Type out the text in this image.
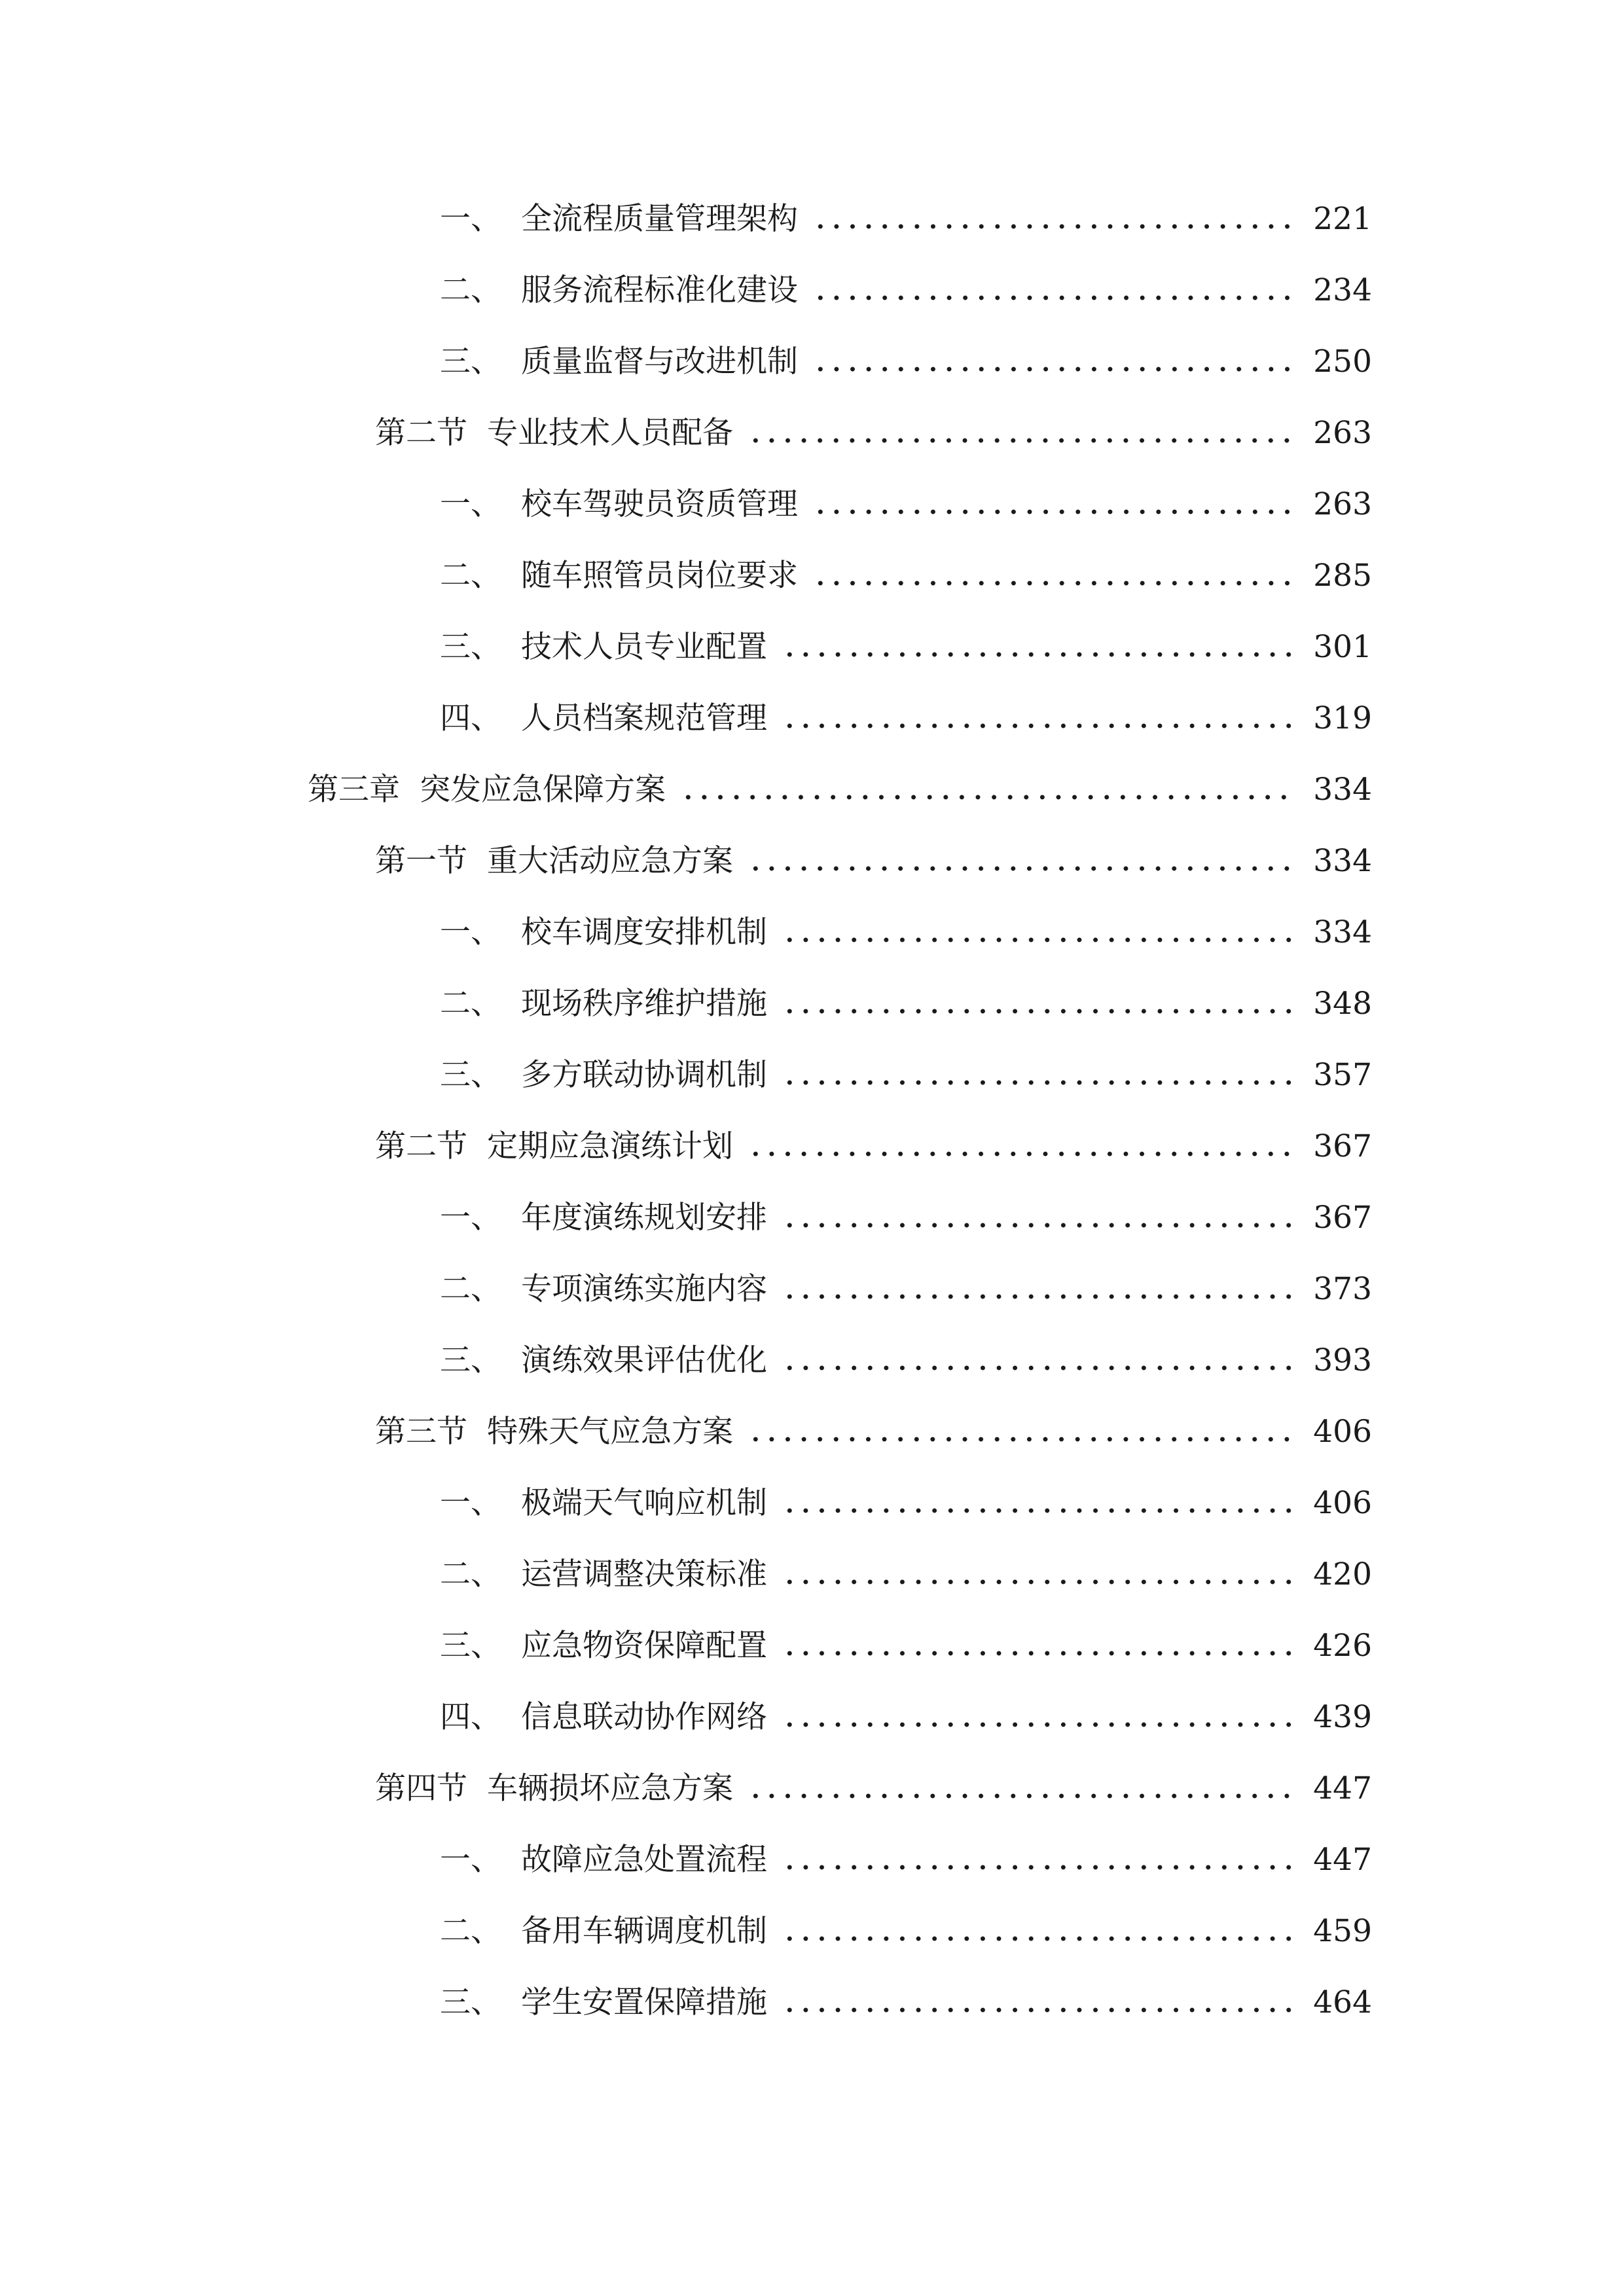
一、 全流程质量管理架构	221
二、 服务流程标准化建设	234
三、 质量监督与改进机制	250
第二节 专业技术人员配备	263
一、 校车驾驶员资质管理	263
二、 随车照管员岗位要求	285
三、 技术人员专业配置	301
四、 人员档案规范管理	319
第三章 突发应急保障方案	334
第一节 重大活动应急方案	334
一、 校车调度安排机制	334
二、 现场秩序维护措施	348
三、 多方联动协调机制	357
第二节 定期应急演练计划	367
一、 年度演练规划安排	367
二、 专项演练实施内容	373
三、 演练效果评估优化	393
第三节 特殊天气应急方案	406
一、 极端天气响应机制	406
二、 运营调整决策标准	420
三、 应急物资保障配置	426
四、 信息联动协作网络	439
第四节 车辆损坏应急方案	447
一、 故障应急处置流程	447
二、 备用车辆调度机制	459
三、 学生安置保障措施	464
